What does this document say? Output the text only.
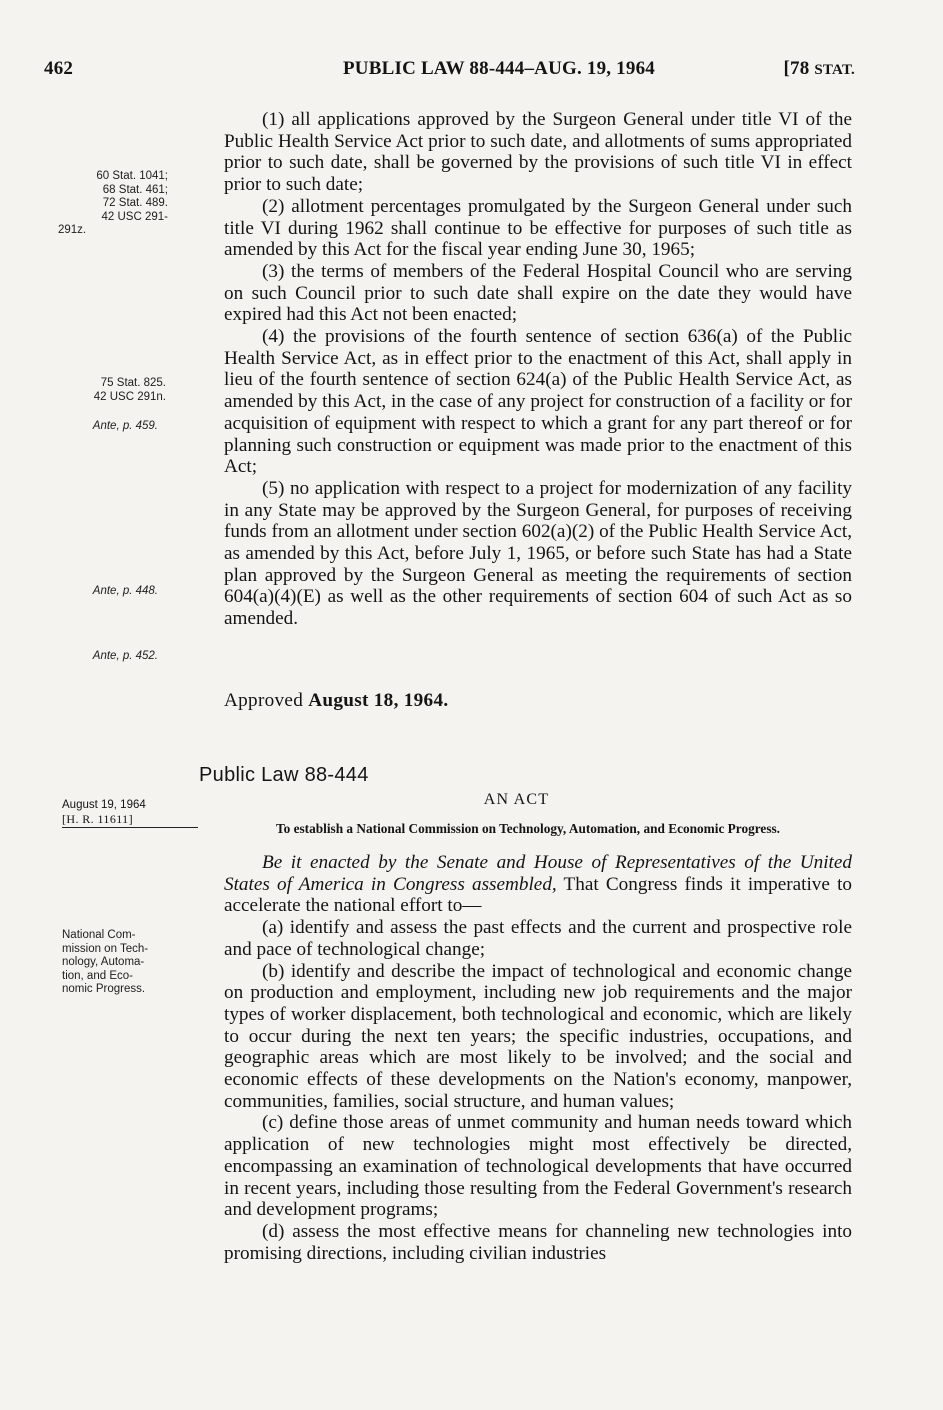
462	PUBLIC LAW 88-444–AUG. 19, 1964	[78 STAT.
60 Stat. 1041;
68 Stat. 461;
72 Stat. 489.
42 USC 291-
291z.
75 Stat. 825.
42 USC 291n.
Ante, p. 459.
Ante, p. 448.
Ante, p. 452.

(1) all applications approved by the Surgeon General under title VI of the Public Health Service Act prior to such date, and allotments of sums appropriated prior to such date, shall be governed by the provisions of such title VI in effect prior to such date;

(2) allotment percentages promulgated by the Surgeon General under such title VI during 1962 shall continue to be effective for purposes of such title as amended by this Act for the fiscal year ending June 30, 1965;

(3) the terms of members of the Federal Hospital Council who are serving on such Council prior to such date shall expire on the date they would have expired had this Act not been enacted;

(4) the provisions of the fourth sentence of section 636(a) of the Public Health Service Act, as in effect prior to the enactment of this Act, shall apply in lieu of the fourth sentence of section 624(a) of the Public Health Service Act, as amended by this Act, in the case of any project for construction of a facility or for acquisition of equipment with respect to which a grant for any part thereof or for planning such construction or equipment was made prior to the enactment of this Act;

(5) no application with respect to a project for modernization of any facility in any State may be approved by the Surgeon General, for purposes of receiving funds from an allotment under section 602(a)(2) of the Public Health Service Act, as amended by this Act, before July 1, 1965, or before such State has had a State plan approved by the Surgeon General as meeting the requirements of section 604(a)(4)(E) as well as the other requirements of section 604 of such Act as so amended.

Approved August 18, 1964.
Public Law 88-444
AN ACT
August 19, 1964
[H. R. 11611]
To establish a National Commission on Technology, Automation, and Economic Progress.
National Com-
mission on Tech-
nology, Automa-
tion, and Eco-
nomic Progress.

Be it enacted by the Senate and House of Representatives of the United States of America in Congress assembled, That Congress finds it imperative to accelerate the national effort to—

(a) identify and assess the past effects and the current and prospective role and pace of technological change;

(b) identify and describe the impact of technological and economic change on production and employment, including new job requirements and the major types of worker displacement, both technological and economic, which are likely to occur during the next ten years; the specific industries, occupations, and geographic areas which are most likely to be involved; and the social and economic effects of these developments on the Nation's economy, manpower, communities, families, social structure, and human values;

(c) define those areas of unmet community and human needs toward which application of new technologies might most effectively be directed, encompassing an examination of technological developments that have occurred in recent years, including those resulting from the Federal Government's research and development programs;

(d) assess the most effective means for channeling new technologies into promising directions, including civilian industries
